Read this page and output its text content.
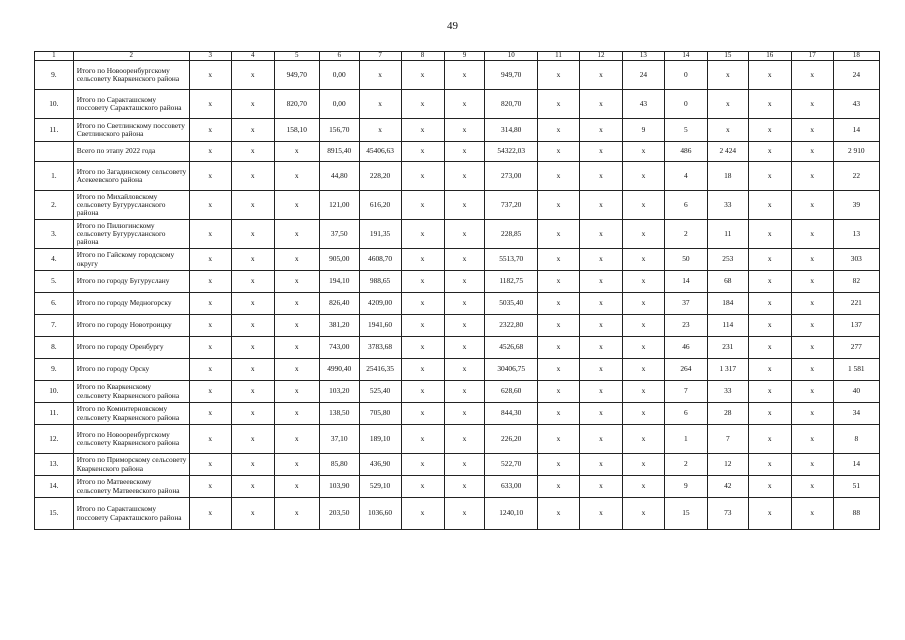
49
1	2	3	4	5	6	7	8	9	10	11	12	13	14	15	16	17	18
9.	Итого по Новооренбургскому сельсовету Кваркенского района	x	x	949,70	0,00	x	x	x	949,70	x	x	24	0	x	x	x	24
10.	Итого по Саракташскому поссовету Саракташского района	x	x	820,70	0,00	x	x	x	820,70	x	x	43	0	x	x	x	43
11.	Итого по Светлинскому поссовету Светлинского района	x	x	158,10	156,70	x	x	x	314,80	x	x	9	5	x	x	x	14
	Всего по этапу 2022 года	x	x	x	8915,40	45406,63	x	x	54322,03	x	x	x	486	2 424	x	x	2 910
1.	Итого по Загадинскому сельсовету Асекеевского района	x	x	x	44,80	228,20	x	x	273,00	x	x	x	4	18	x	x	22
2.	Итого по Михайловскому сельсовету Бугурусланского района	x	x	x	121,00	616,20	x	x	737,20	x	x	x	6	33	x	x	39
3.	Итого по Пилюгинскому сельсовету Бугурусланского района	x	x	x	37,50	191,35	x	x	228,85	x	x	x	2	11	x	x	13
4.	Итого по Гайскому городскому округу	x	x	x	905,00	4608,70	x	x	5513,70	x	x	x	50	253	x	x	303
5.	Итого по городу Бугуруслану	x	x	x	194,10	988,65	x	x	1182,75	x	x	x	14	68	x	x	82
6.	Итого по городу Медногорску	x	x	x	826,40	4209,00	x	x	5035,40	x	x	x	37	184	x	x	221
7.	Итого по городу Новотроицку	x	x	x	381,20	1941,60	x	x	2322,80	x	x	x	23	114	x	x	137
8.	Итого по городу Оренбургу	x	x	x	743,00	3783,68	x	x	4526,68	x	x	x	46	231	x	x	277
9.	Итого по городу Орску	x	x	x	4990,40	25416,35	x	x	30406,75	x	x	x	264	1 317	x	x	1 581
10.	Итого по Кваркенскому сельсовету Кваркенского района	x	x	x	103,20	525,40	x	x	628,60	x	x	x	7	33	x	x	40
11.	Итого по Коминтерновскому сельсовету Кваркенского района	x	x	x	138,50	705,80	x	x	844,30	x	x	x	6	28	x	x	34
12.	Итого по Новооренбургскому сельсовету Кваркенского района	x	x	x	37,10	189,10	x	x	226,20	x	x	x	1	7	x	x	8
13.	Итого по Приморскому сельсовету Кваркенского района	x	x	x	85,80	436,90	x	x	522,70	x	x	x	2	12	x	x	14
14.	Итого по Матвеевскому сельсовету Матвеевского района	x	x	x	103,90	529,10	x	x	633,00	x	x	x	9	42	x	x	51
15.	Итого по Саракташскому поссовету Саракташского района	x	x	x	203,50	1036,60	x	x	1240,10	x	x	x	15	73	x	x	88
